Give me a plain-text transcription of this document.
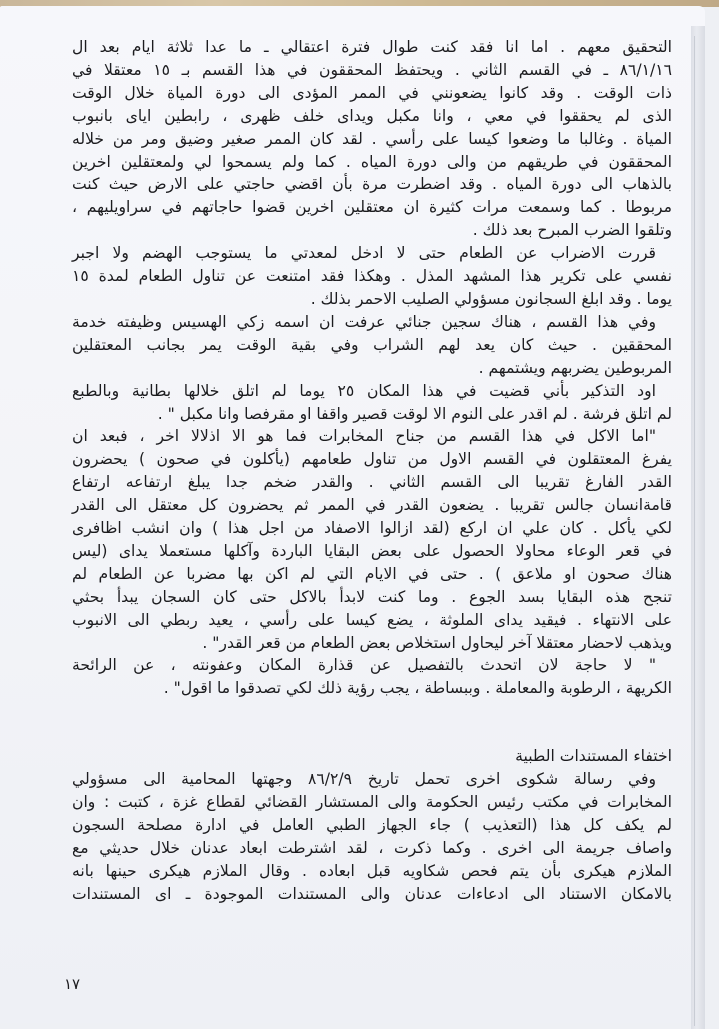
التحقيق معهم . اما انا فقد كنت طوال فترة اعتقالي ـ ما عدا ثلاثة ايام بعد ال
٨٦/١/١٦ ـ في القسم الثاني . ويحتفظ المحققون في هذا القسم بـ ١٥ معتقلا في
ذات الوقت . وقد كانوا يضعونني في الممر المؤدى الى دورة المياة خلال الوقت
الذى لم يحققوا في معي ، وانا مكبل ويداى خلف ظهرى ، رابطين اياى بانبوب
المياة . وغالبا ما وضعوا كيسا على رأسي . لقد كان الممر صغير وضيق ومر من خلاله
المحققون في طريقهم من والى دورة المياه . كما ولم يسمحوا لي ولمعتقلين اخرين
بالذهاب الى دورة المياه . وقد اضطرت مرة بأن اقضي حاجتي على الارض حيث كنت
مربوطا . كما وسمعت مرات كثيرة ان معتقلين اخرين قضوا حاجاتهم في سراويليهم ،
وتلقوا الضرب المبرح بعد ذلك .
قررت الاضراب عن الطعام حتى لا ادخل لمعدتي ما يستوجب الهضم ولا اجبر
نفسي على تكرير هذا المشهد المذل . وهكذا فقد امتنعت عن تناول الطعام لمدة ١٥
يوما . وقد ابلغ السجانون مسؤولي الصليب الاحمر بذلك .
وفي هذا القسم ، هناك سجين جنائي عرفت ان اسمه زكي الهسيس وظيفته خدمة
المحققين . حيث كان يعد لهم الشراب وفي بقية الوقت يمر بجانب المعتقلين
المربوطين يضربهم ويشتمهم .
اود التذكير بأني قضيت في هذا المكان ٢٥ يوما لم اتلق خلالها بطانية وبالطبع
لم اتلق فرشة . لم اقدر على النوم الا لوقت قصير واقفا او مقرفصا وانا مكبل " .
"اما الاكل في هذا القسم من جناح المخابرات فما هو الا اذلالا اخر ، فبعد ان
يفرغ المعتقلون في القسم الاول من تناول طعامهم (يأكلون في صحون ) يحضرون
القدر الفارغ تقريبا الى القسم الثاني . والقدر ضخم جدا يبلغ ارتفاعه ارتفاع
قامةانسان جالس تقريبا . يضعون القدر في الممر ثم يحضرون كل معتقل الى القدر
لكي يأكل . كان علي ان اركع (لقد ازالوا الاصفاد من اجل هذا ) وان انشب اظافرى
في قعر الوعاء محاولا الحصول على بعض البقايا الباردة وآكلها مستعملا يداى (ليس
هناك صحون او ملاعق ) . حتى في الايام التي لم اكن بها مضربا عن الطعام لم
تنجح هذه البقايا بسد الجوع . وما كنت لابدأ بالاكل حتى كان السجان يبدأ بحثي
على الانتهاء . فيقيد يداى الملوثة ، يضع كيسا على رأسي ، يعيد ربطي الى الانبوب
ويذهب لاحضار معتقلا آخر ليحاول استخلاص بعض الطعام من قعر القدر" .
" لا حاجة لان اتحدث بالتفصيل عن قذارة المكان وعفونته ، عن الرائحة
الكريهة ، الرطوبة والمعاملة . وببساطة ، يجب رؤية ذلك لكي تصدقوا ما اقول" .
اختفاء المستندات الطبية
وفي رسالة شكوى اخرى تحمل تاريخ ٨٦/٢/٩ وجهتها المحامية الى مسؤولي
المخابرات في مكتب رئيس الحكومة والى المستشار القضائي لقطاع غزة ، كتبت : وان
لم يكف كل هذا (التعذيب ) جاء الجهاز الطبي العامل في ادارة مصلحة السجون
واصاف جريمة الى اخرى . وكما ذكرت ، لقد اشترطت ابعاد عدنان خلال حديثي مع
الملازم هيكرى بأن يتم فحص شكاويه قبل ابعاده . وقال الملازم هيكرى حينها بانه
بالامكان الاستناد الى ادعاءات عدنان والى المستندات الموجودة ـ اى المستندات
١٧
